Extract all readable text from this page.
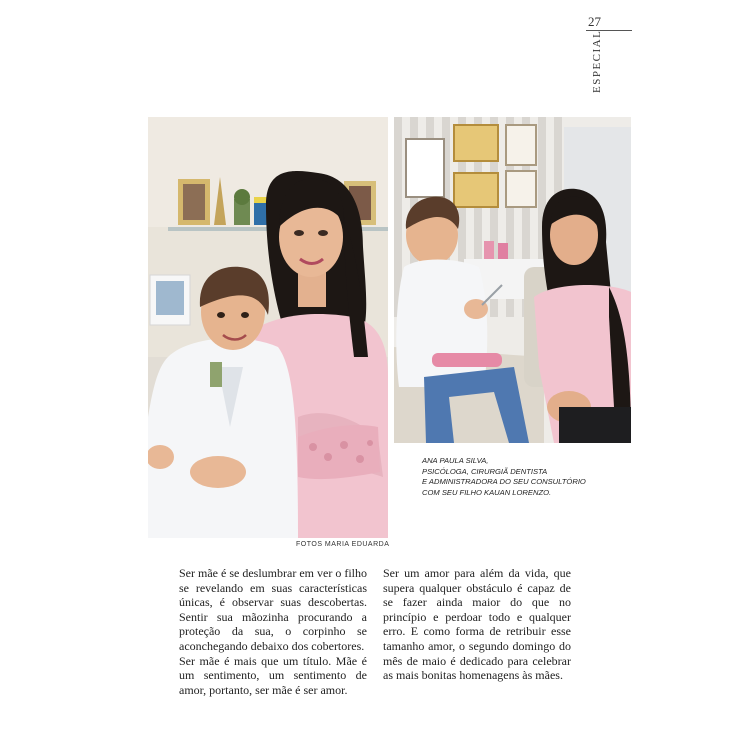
27
ESPECIAL
FOTOS MARIA EDUARDA
ANA PAULA SILVA,
PSICÓLOGA, CIRURGIÃ DENTISTA
E ADMINISTRADORA DO SEU CONSULTÓRIO
COM SEU FILHO KAUAN LORENZO.

Ser mãe é se deslumbrar em ver o filho se revelando em suas características únicas, é observar suas descobertas. Sentir sua mãozinha procurando a proteção da sua, o corpinho se aconchegando debaixo dos cobertores.

Ser mãe é mais que um título. Mãe é um sentimento, um sentimento de amor, portanto, ser mãe é ser amor.

Ser um amor para além da vida, que supera qualquer obstáculo é capaz de se fazer ainda maior do que no princípio e perdoar todo e qualquer erro. E como forma de retribuir esse tamanho amor, o segundo domingo do mês de maio é dedicado para celebrar as mais bonitas homenagens às mães.
